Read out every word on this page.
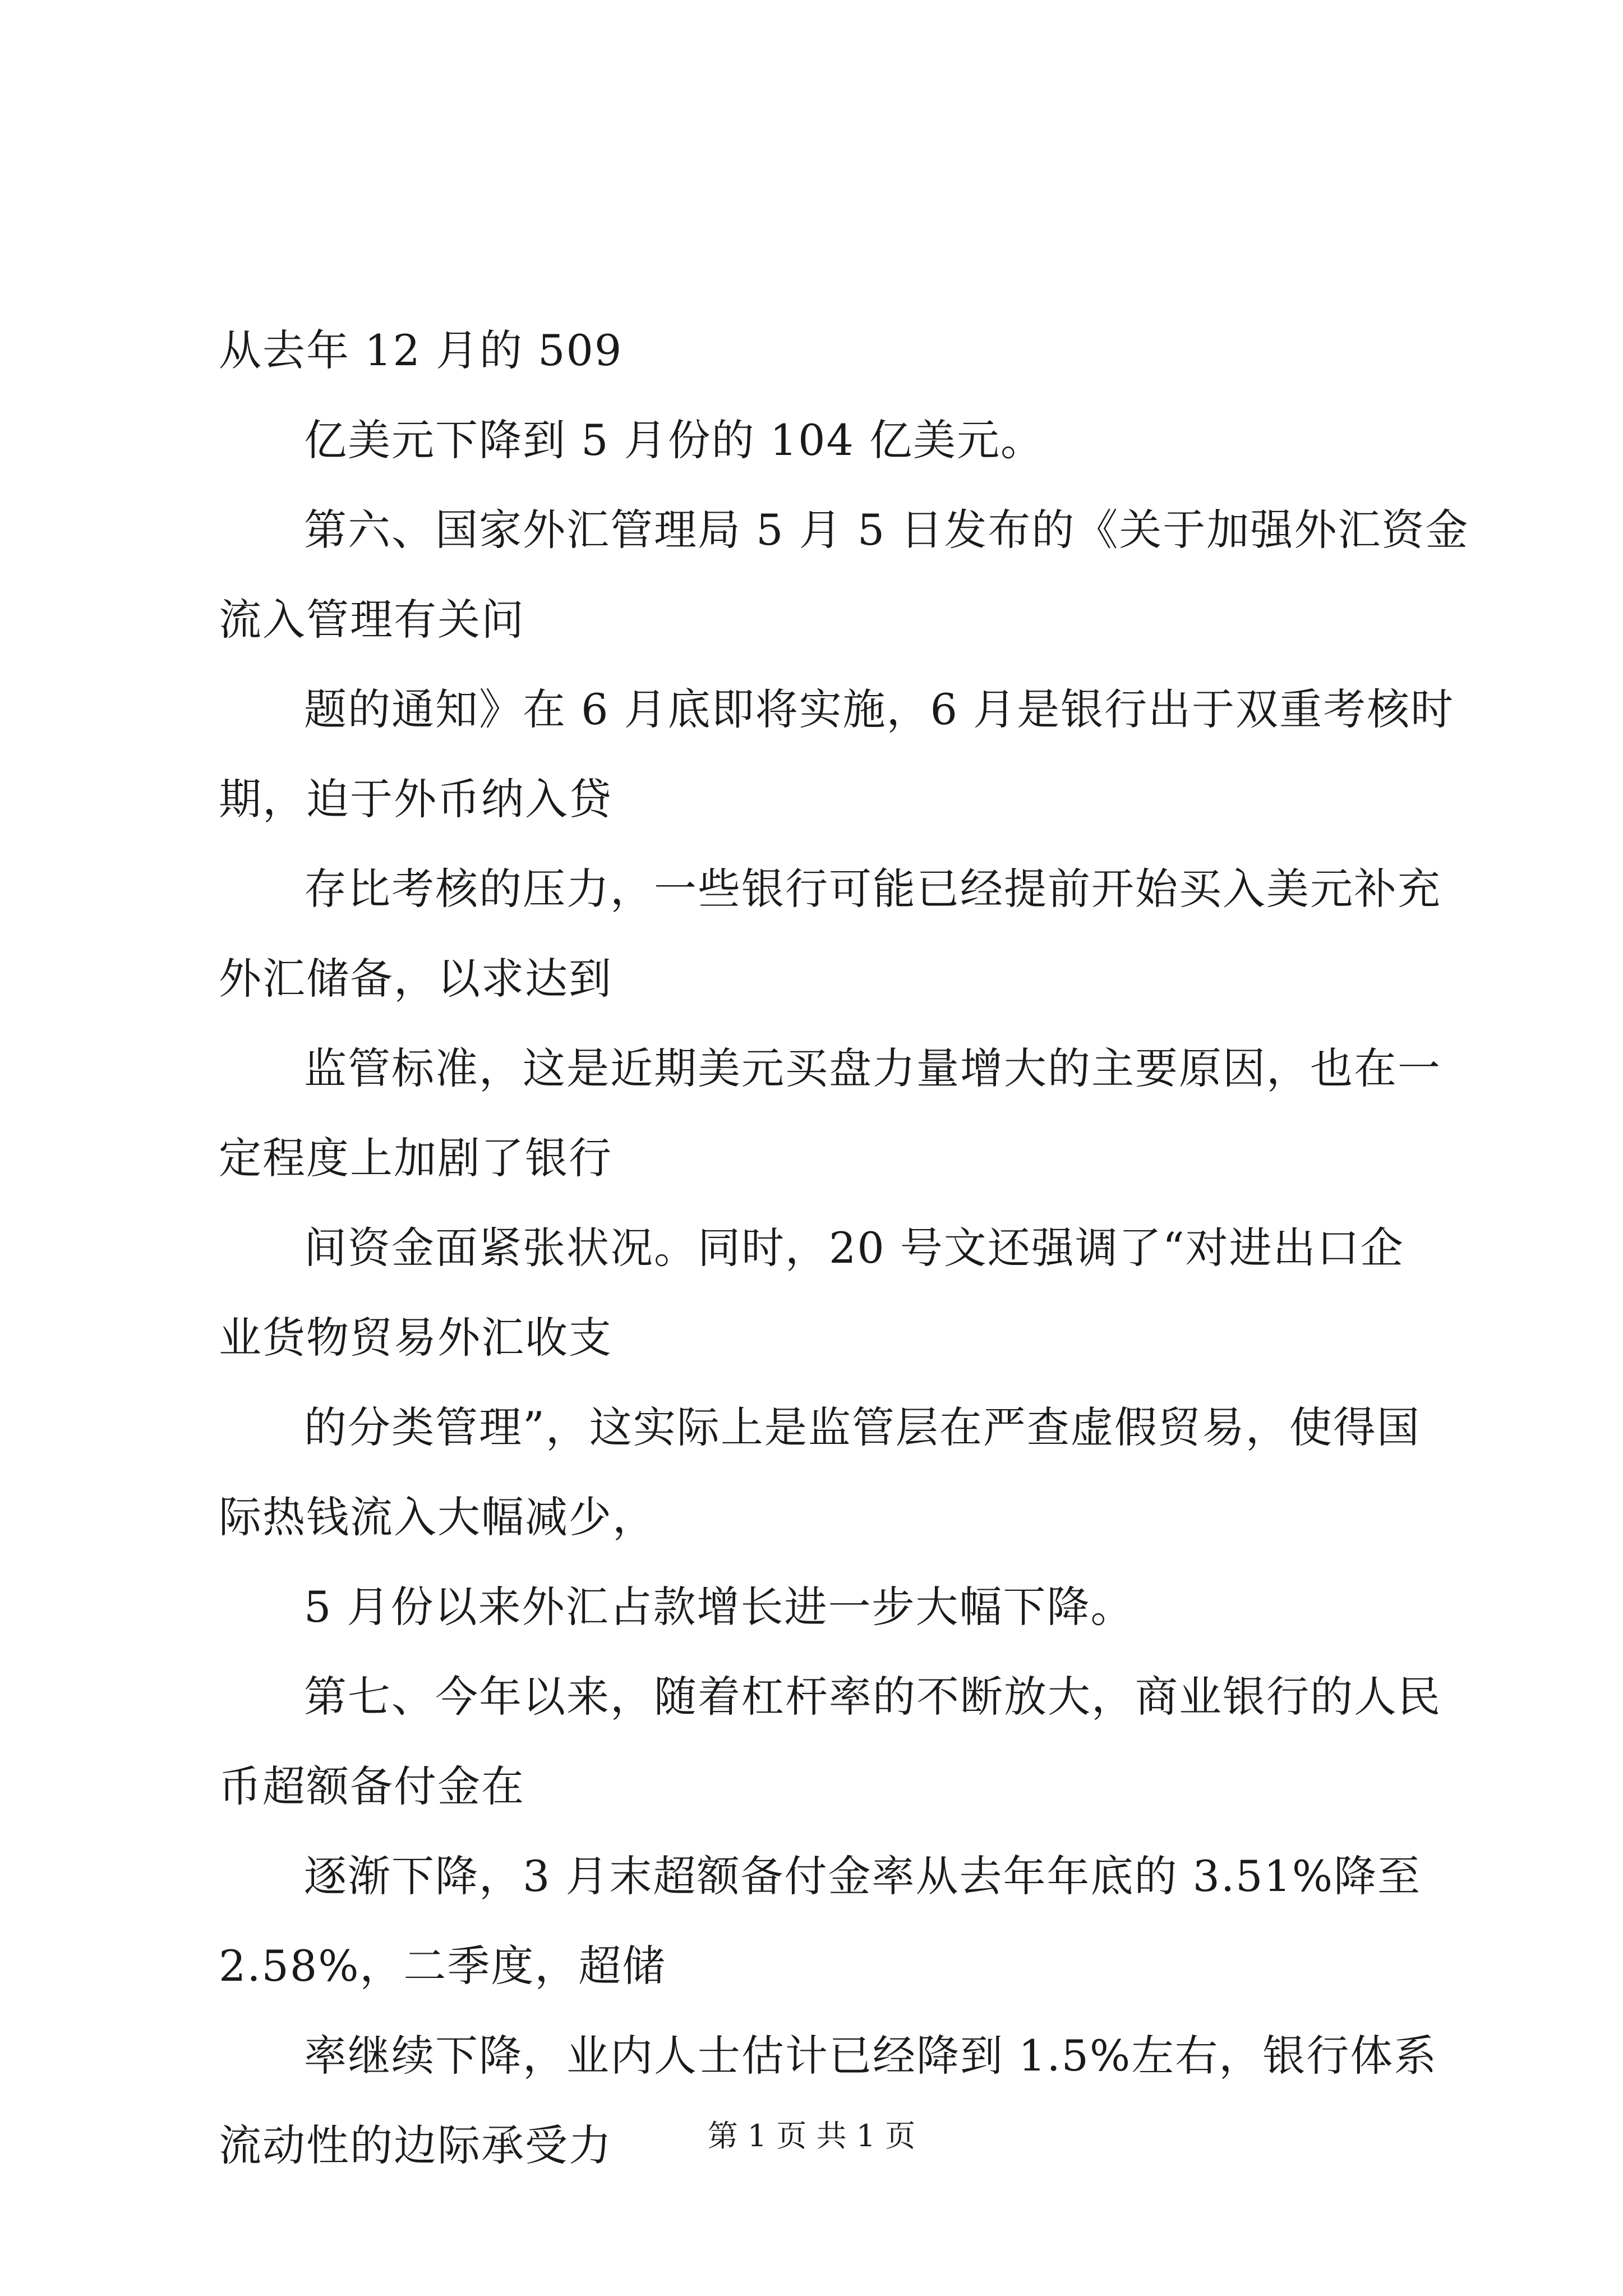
从去年 12 月的 509
亿美元下降到 5 月份的 104 亿美元。
第六、国家外汇管理局 5 月 5 日发布的《关于加强外汇资金
流入管理有关问
题的通知》在 6 月底即将实施，6 月是银行出于双重考核时
期，迫于外币纳入贷
存比考核的压力，一些银行可能已经提前开始买入美元补充
外汇储备，以求达到
监管标准，这是近期美元买盘力量增大的主要原因，也在一
定程度上加剧了银行
间资金面紧张状况。同时，20 号文还强调了“对进出口企
业货物贸易外汇收支
的分类管理”，这实际上是监管层在严查虚假贸易，使得国
际热钱流入大幅减少，
5 月份以来外汇占款增长进一步大幅下降。
第七、今年以来，随着杠杆率的不断放大，商业银行的人民
币超额备付金在
逐渐下降，3 月末超额备付金率从去年年底的 3.51%降至
2.58%，二季度，超储
率继续下降，业内人士估计已经降到 1.5%左右，银行体系
流动性的边际承受力	第 1 页 共 1 页
